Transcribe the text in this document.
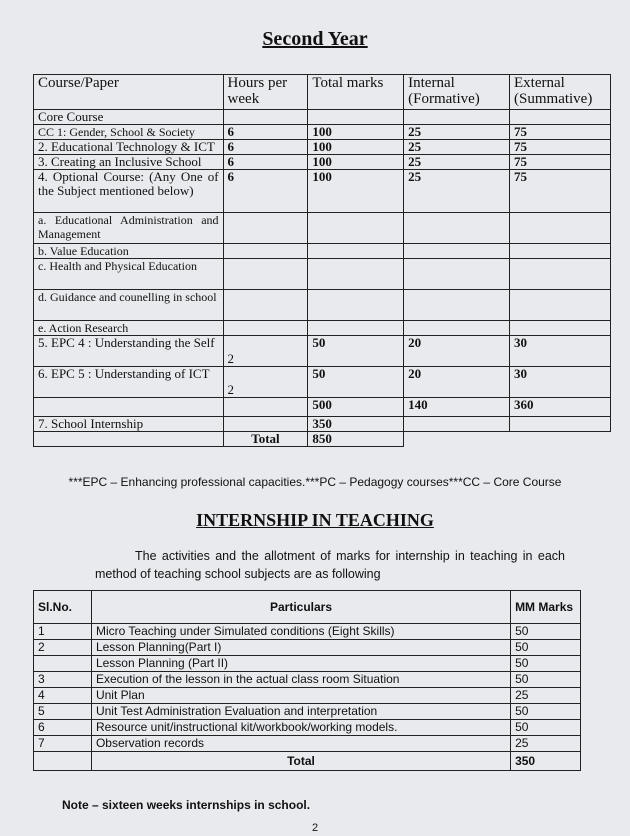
Second Year
Course/Paper	Hours per week	Total marks	Internal (Formative)	External (Summative)
Core Course				
CC 1: Gender, School & Society	6	100	25	75
2. Educational Technology & ICT	6	100	25	75
3. Creating an Inclusive School	6	100	25	75
4. Optional Course: (Any One of the Subject mentioned below)	6	100	25	75
a. Educational Administration and Management				
b. Value Education				
c. Health and Physical Education				
d. Guidance and counelling in school				
e. Action Research				
5. EPC 4 : Understanding the Self	2	50	20	30
6. EPC 5 : Understanding of ICT	2	50	20	30
		500	140	360
7. School Internship		350		
	Total	850		
***EPC – Enhancing professional capacities.***PC – Pedagogy courses***CC – Core Course
INTERNSHIP IN TEACHING
The activities and the allotment of marks for internship in teaching in each method of teaching school subjects are as following
Sl.No.	Particulars	MM Marks
1	Micro Teaching under Simulated conditions (Eight Skills)	50
2	Lesson Planning(Part I)	50
	Lesson Planning (Part II)	50
3	Execution of the lesson in the actual class room Situation	50
4	Unit Plan	25
5	Unit Test Administration Evaluation and interpretation	50
6	Resource unit/instructional kit/workbook/working models.	50
7	Observation records	25
	Total	350
Note – sixteen weeks internships in school.
2
